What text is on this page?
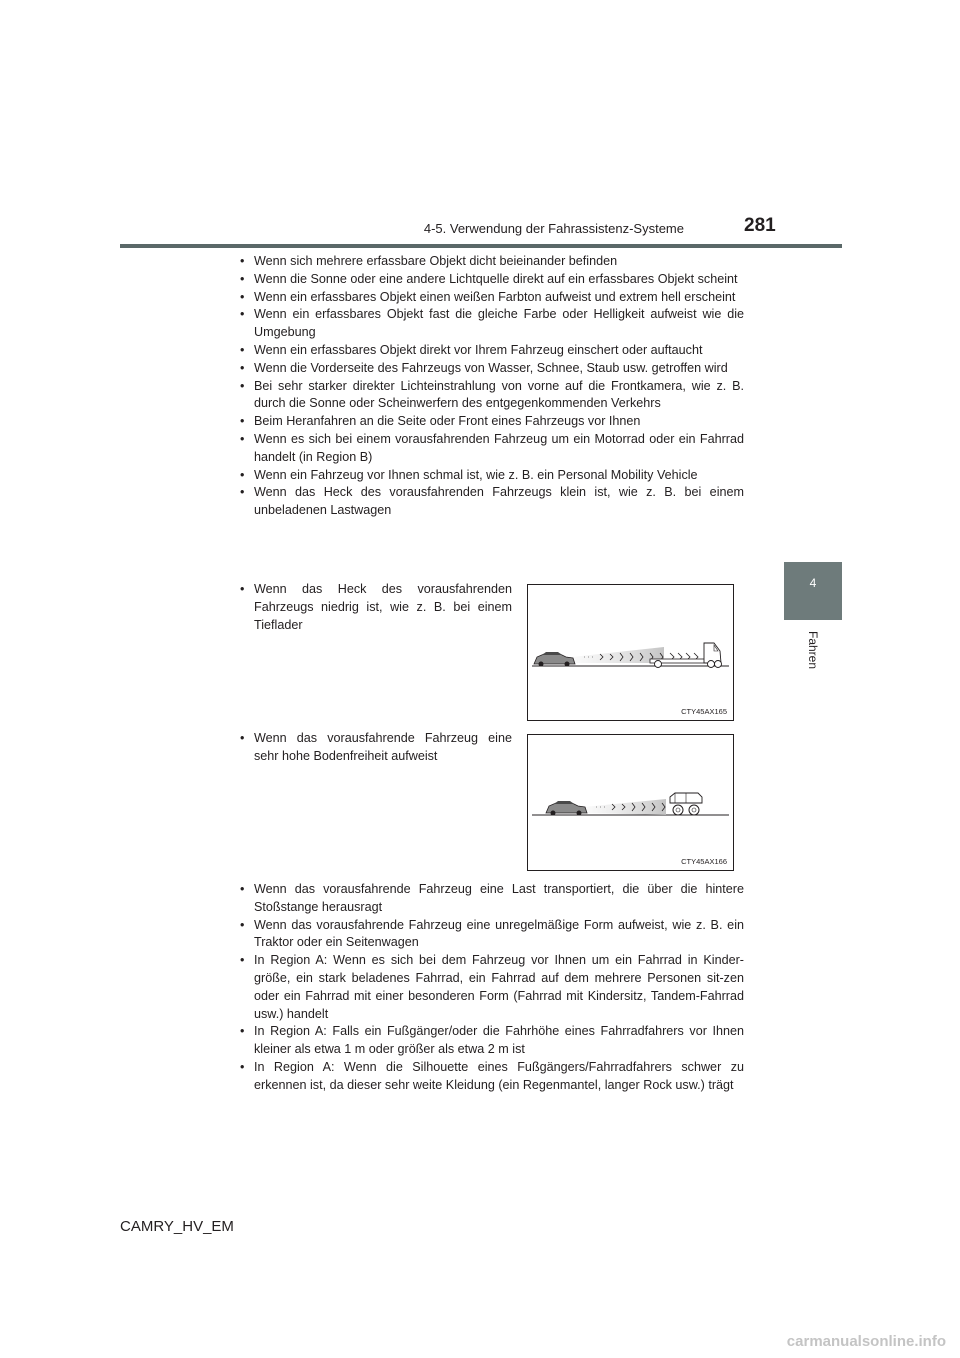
4-5. Verwendung der Fahrassistenz-Systeme	281
4
Fahren
• Wenn sich mehrere erfassbare Objekt dicht beieinander befinden
• Wenn die Sonne oder eine andere Lichtquelle direkt auf ein erfassbares Objekt scheint
• Wenn ein erfassbares Objekt einen weißen Farbton aufweist und extrem hell erscheint
• Wenn ein erfassbares Objekt fast die gleiche Farbe oder Helligkeit aufweist wie die Umgebung
• Wenn ein erfassbares Objekt direkt vor Ihrem Fahrzeug einschert oder auftaucht
• Wenn die Vorderseite des Fahrzeugs von Wasser, Schnee, Staub usw. getroffen wird
• Bei sehr starker direkter Lichteinstrahlung von vorne auf die Frontkamera, wie z. B. durch die Sonne oder Scheinwerfern des entgegenkommenden Verkehrs
• Beim Heranfahren an die Seite oder Front eines Fahrzeugs vor Ihnen
• Wenn es sich bei einem vorausfahrenden Fahrzeug um ein Motorrad oder ein Fahrrad handelt (in Region B)
• Wenn ein Fahrzeug vor Ihnen schmal ist, wie z. B. ein Personal Mobility Vehicle
• Wenn das Heck des vorausfahrenden Fahrzeugs klein ist, wie z. B. bei einem unbeladenen Lastwagen
• Wenn das Heck des vorausfahrenden Fahrzeugs niedrig ist, wie z. B. bei einem Tieflader
CTY45AX165
• Wenn das vorausfahrende Fahrzeug eine sehr hohe Bodenfreiheit aufweist
CTY45AX166
• Wenn das vorausfahrende Fahrzeug eine Last transportiert, die über die hintere Stoßstange herausragt
• Wenn das vorausfahrende Fahrzeug eine unregelmäßige Form aufweist, wie z. B. ein Traktor oder ein Seitenwagen
• In Region A: Wenn es sich bei dem Fahrzeug vor Ihnen um ein Fahrrad in Kinder-größe, ein stark beladenes Fahrrad, ein Fahrrad auf dem mehrere Personen sit-zen oder ein Fahrrad mit einer besonderen Form (Fahrrad mit Kindersitz, Tandem-Fahrrad usw.) handelt
• In Region A: Falls ein Fußgänger/oder die Fahrhöhe eines Fahrradfahrers vor Ihnen kleiner als etwa 1 m oder größer als etwa 2 m ist
• In Region A: Wenn die Silhouette eines Fußgängers/Fahrradfahrers schwer zu erkennen ist, da dieser sehr weite Kleidung (ein Regenmantel, langer Rock usw.) trägt
CAMRY_HV_EM
carmanualsonline.info
